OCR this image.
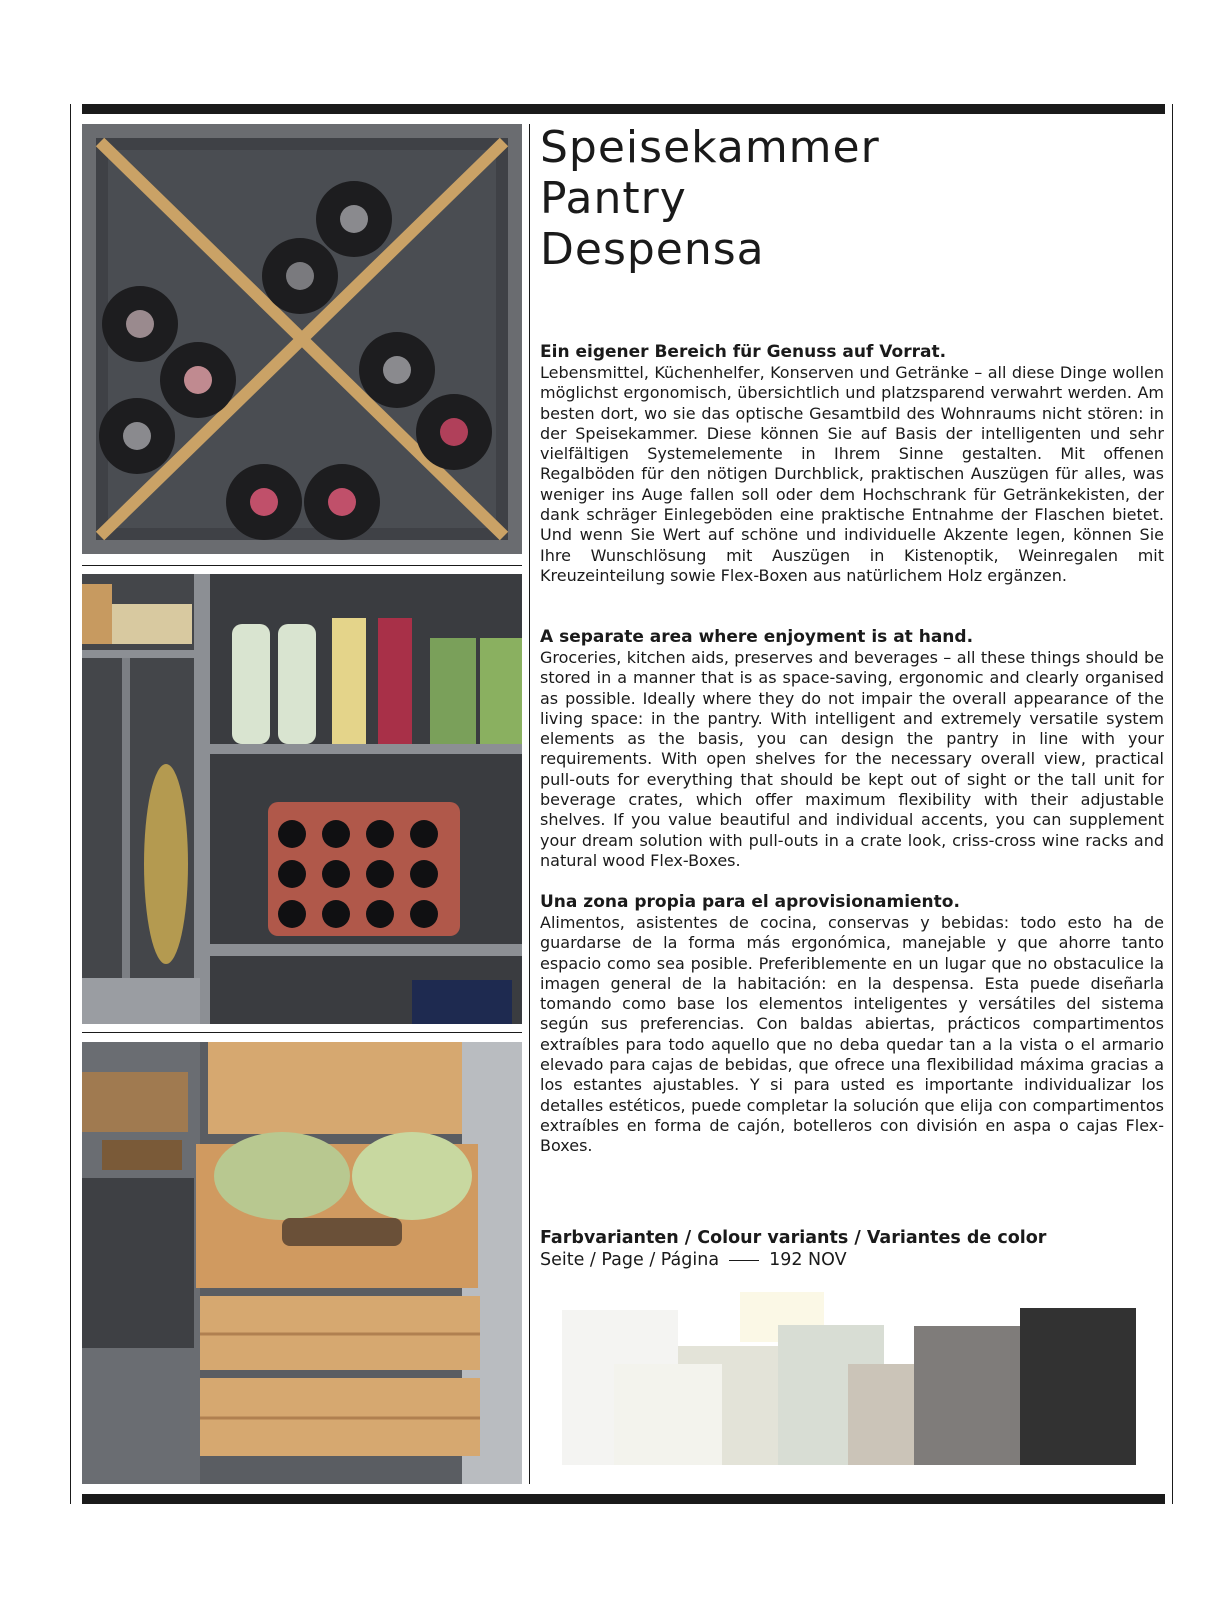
Speisekammer

Pantry

Despensa

Ein eigener Bereich für Genuss auf Vorrat.

Lebensmittel, Küchenhelfer, Konserven und Getränke – all diese Dinge wollen möglichst ergonomisch, übersichtlich und platzsparend verwahrt werden. Am besten dort, wo sie das optische Gesamtbild des Wohnraums nicht stören: in der Speisekammer. Diese können Sie auf Basis der intelligenten und sehr vielfältigen Systemelemente in Ihrem Sinne gestalten. Mit offenen Regalböden für den nötigen Durchblick, praktischen Auszügen für alles, was weniger ins Auge fallen soll oder dem Hochschrank für Getränkekisten, der dank schräger Einlegeböden eine praktische Entnahme der Flaschen bietet. Und wenn Sie Wert auf schöne und individuelle Akzente legen, können Sie Ihre Wunschlösung mit Auszügen in Kistenoptik, Weinregalen mit Kreuzeinteilung sowie Flex-Boxen aus natürlichem Holz ergänzen.

A separate area where enjoyment is at hand.

Groceries, kitchen aids, preserves and beverages – all these things should be stored in a manner that is as space-saving, ergonomic and clearly organised as possible. Ideally where they do not impair the overall appearance of the living space: in the pantry. With intelligent and extremely versatile system elements as the basis, you can design the pantry in line with your requirements. With open shelves for the necessary overall view, practical pull-outs for everything that should be kept out of sight or the tall unit for beverage crates, which offer maximum flexibility with their adjustable shelves. If you value beautiful and individual accents, you can supplement your dream solution with pull-outs in a crate look, criss-cross wine racks and natural wood Flex-Boxes.

Una zona propia para el aprovisionamiento.

Alimentos, asistentes de cocina, conservas y bebidas: todo esto ha de guardarse de la forma más ergonómica, manejable y que ahorre tanto espacio como sea posible. Preferiblemente en un lugar que no obstaculice la imagen general de la habitación: en la despensa. Esta puede diseñarla tomando como base los elementos inteligentes y versátiles del sistema según sus preferencias. Con baldas abiertas, prácticos compartimentos extraíbles para todo aquello que no deba quedar tan a la vista o el armario elevado para cajas de bebidas, que ofrece una flexibilidad máxima gracias a los estantes ajustables. Y si para usted es importante individualizar los detalles estéticos, puede completar la solución que elija con compartimentos extraíbles en forma de cajón, botelleros con división en aspa o cajas Flex-Boxes.

Farbvarianten / Colour variants / Variantes de color

Seite / Page / Página	192 NOV
